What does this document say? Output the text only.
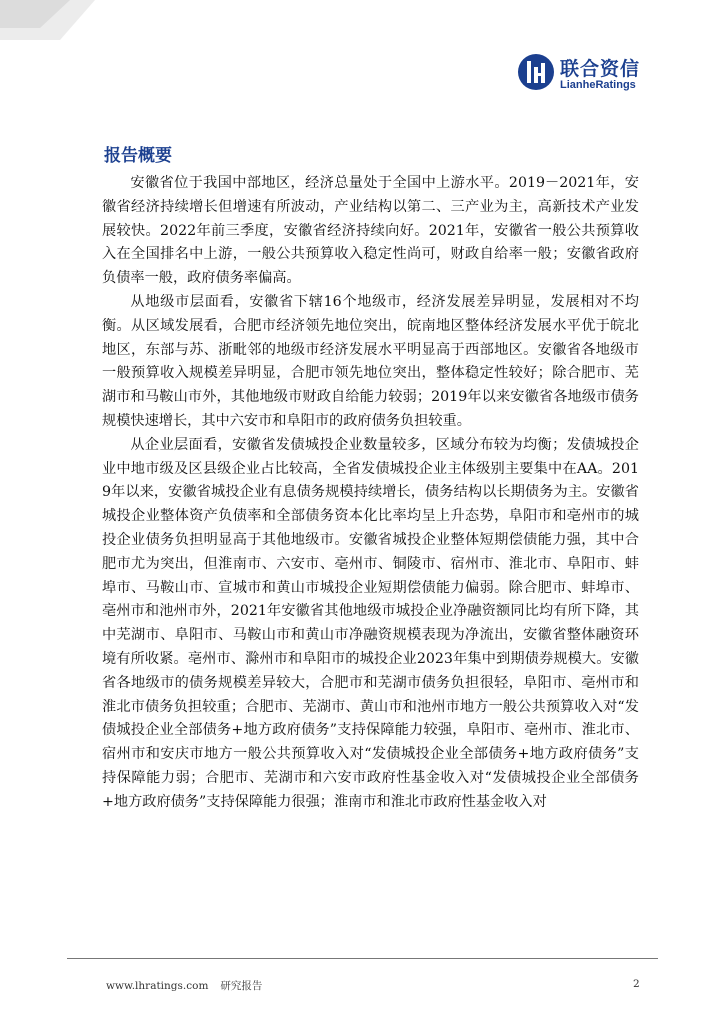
联合资信
LianheRatings
报告概要

安徽省位于我国中部地区，经济总量处于全国中上游水平。2019－2021年，安徽省经济持续增长但增速有所波动，产业结构以第二、三产业为主，高新技术产业发展较快。2022年前三季度，安徽省经济持续向好。2021年，安徽省一般公共预算收入在全国排名中上游，一般公共预算收入稳定性尚可，财政自给率一般；安徽省政府负债率一般，政府债务率偏高。

从地级市层面看，安徽省下辖16个地级市，经济发展差异明显，发展相对不均衡。从区域发展看，合肥市经济领先地位突出，皖南地区整体经济发展水平优于皖北地区，东部与苏、浙毗邻的地级市经济发展水平明显高于西部地区。安徽省各地级市一般预算收入规模差异明显，合肥市领先地位突出，整体稳定性较好；除合肥市、芜湖市和马鞍山市外，其他地级市财政自给能力较弱；2019年以来安徽省各地级市债务规模快速增长，其中六安市和阜阳市的政府债务负担较重。

从企业层面看，安徽省发债城投企业数量较多，区域分布较为均衡；发债城投企业中地市级及区县级企业占比较高，全省发债城投企业主体级别主要集中在AA。2019年以来，安徽省城投企业有息债务规模持续增长，债务结构以长期债务为主。安徽省城投企业整体资产负债率和全部债务资本化比率均呈上升态势，阜阳市和亳州市的城投企业债务负担明显高于其他地级市。安徽省城投企业整体短期偿债能力强，其中合肥市尤为突出，但淮南市、六安市、亳州市、铜陵市、宿州市、淮北市、阜阳市、蚌埠市、马鞍山市、宣城市和黄山市城投企业短期偿债能力偏弱。除合肥市、蚌埠市、亳州市和池州市外，2021年安徽省其他地级市城投企业净融资额同比均有所下降，其中芜湖市、阜阳市、马鞍山市和黄山市净融资规模表现为净流出，安徽省整体融资环境有所收紧。亳州市、滁州市和阜阳市的城投企业2023年集中到期债券规模大。安徽省各地级市的债务规模差异较大，合肥市和芜湖市债务负担很轻，阜阳市、亳州市和淮北市债务负担较重；合肥市、芜湖市、黄山市和池州市地方一般公共预算收入对“发债城投企业全部债务+地方政府债务”支持保障能力较强，阜阳市、亳州市、淮北市、宿州市和安庆市地方一般公共预算收入对“发债城投企业全部债务+地方政府债务”支持保障能力弱；合肥市、芜湖市和六安市政府性基金收入对“发债城投企业全部债务+地方政府债务”支持保障能力很强；淮南市和淮北市政府性基金收入对

www.lhratings.com 研究报告	2
